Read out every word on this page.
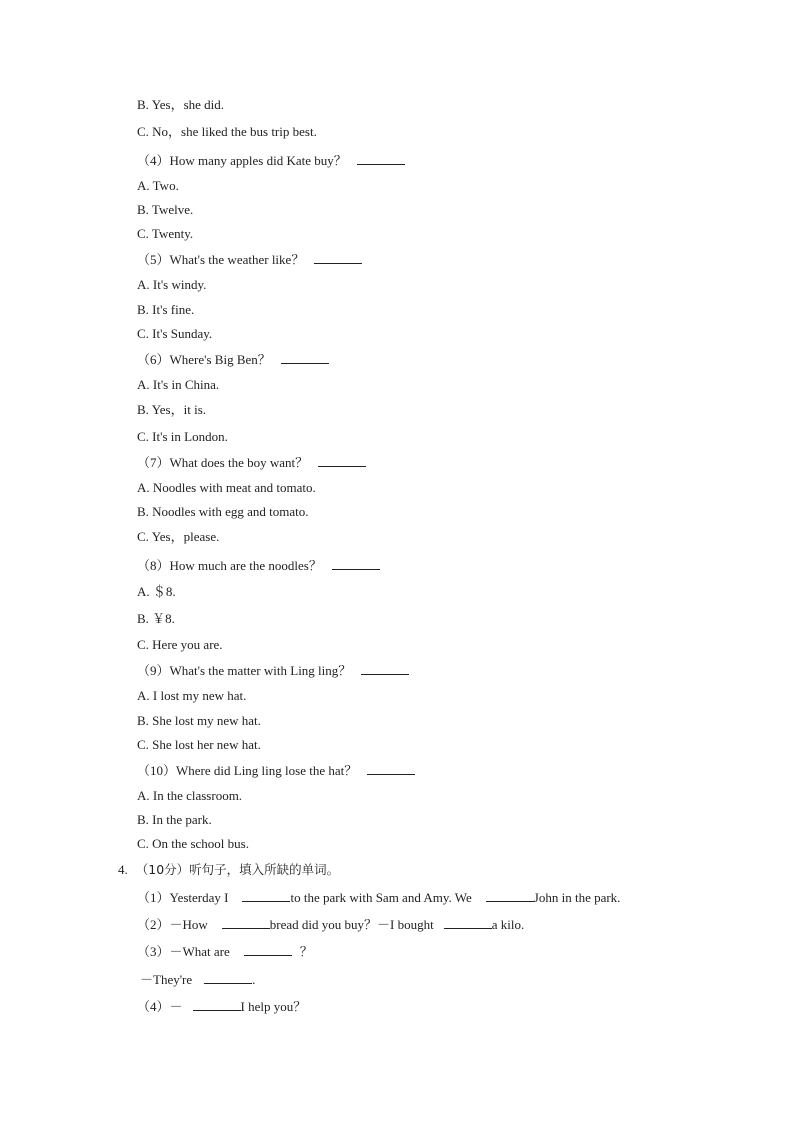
B. Yes，she did.
C. No，she liked the bus trip best.
（4）How many apples did Kate buy？
A. Two.
B. Twelve.
C. Twenty.
（5）What's the weather like？
A. It's windy.
B. It's fine.
C. It's Sunday.
（6）Where's Big Ben？
A. It's in China.
B. Yes，it is.
C. It's in London.
（7）What does the boy want？
A. Noodles with meat and tomato.
B. Noodles with egg and tomato.
C. Yes，please.
（8）How much are the noodles？
A. ＄8.
B. ￥8.
C. Here you are.
（9）What's the matter with Ling ling？
A. I lost my new hat.
B. She lost my new hat.
C. She lost her new hat.
（10）Where did Ling ling lose the hat？
A. In the classroom.
B. In the park.
C. On the school bus.
4. （10分）听句子，填入所缺的单词。
（1）Yesterday I	to the park with Sam and Amy. We	John in the park.
（2）－How	bread did you buy？－I bought	a kilo.
（3）－What are	？
－They're	.
（4）－	I help you？
